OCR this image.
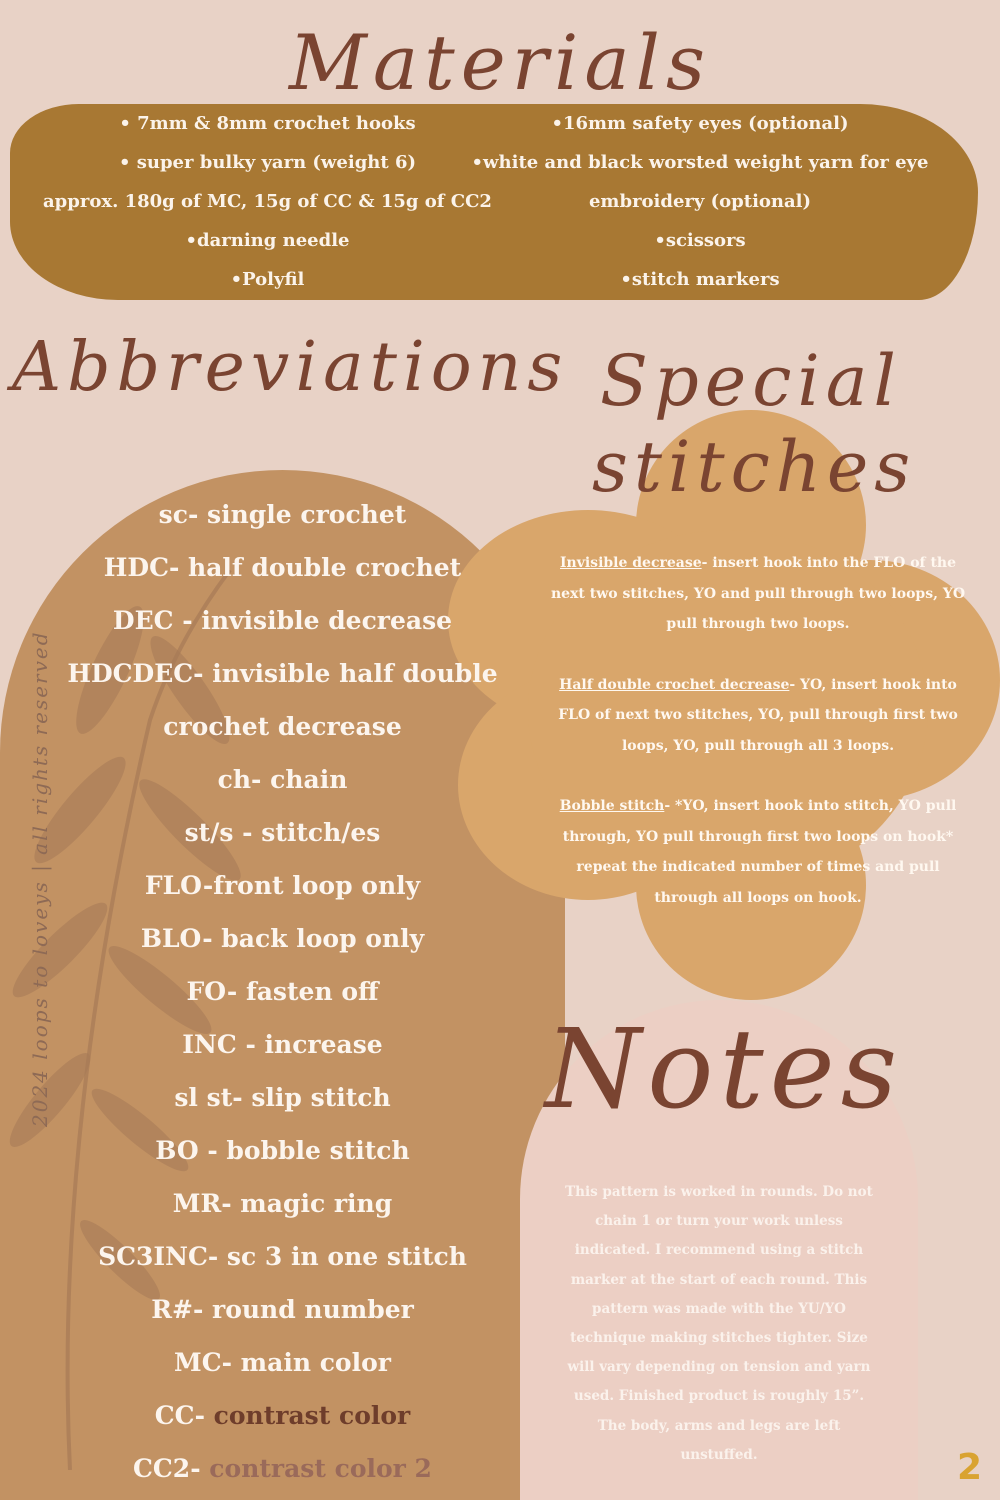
Materials
Abbreviations Special
stitches
Notes
• 7mm & 8mm crochet hooks
• super bulky yarn (weight 6)
approx. 180g of MC, 15g of CC & 15g of CC2
•darning needle
•Polyfil
•16mm safety eyes (optional)
•white and black worsted weight yarn for eye
embroidery (optional)
•scissors
•stitch markers
sc- single crochet
HDC- half double crochet
DEC - invisible decrease
HDCDEC- invisible half double
crochet decrease
ch- chain
st/s - stitch/es
FLO-front loop only
BLO- back loop only
FO- fasten off
INC - increase
sl st- slip stitch
BO - bobble stitch
MR- magic ring
SC3INC- sc 3 in one stitch
R#- round number
MC- main color
CC- contrast color
CC2- contrast color 2

Invisible decrease- insert hook into the FLO of the next two stitches, YO and pull through two loops, YO pull through two loops.

Half double crochet decrease- YO, insert hook into FLO of next two stitches, YO, pull through first two loops, YO, pull through all 3 loops.

Bobble stitch- *YO, insert hook into stitch, YO pull through, YO pull through first two loops on hook* repeat the indicated number of times and pull through all loops on hook.

This pattern is worked in rounds. Do not chain 1 or turn your work unless indicated. I recommend using a stitch marker at the start of each round. This pattern was made with the YU/YO technique making stitches tighter. Size will vary depending on tension and yarn used. Finished product is roughly 15”. The body, arms and legs are left unstuffed.
2024 loops to loveys | all rights reserved
2
